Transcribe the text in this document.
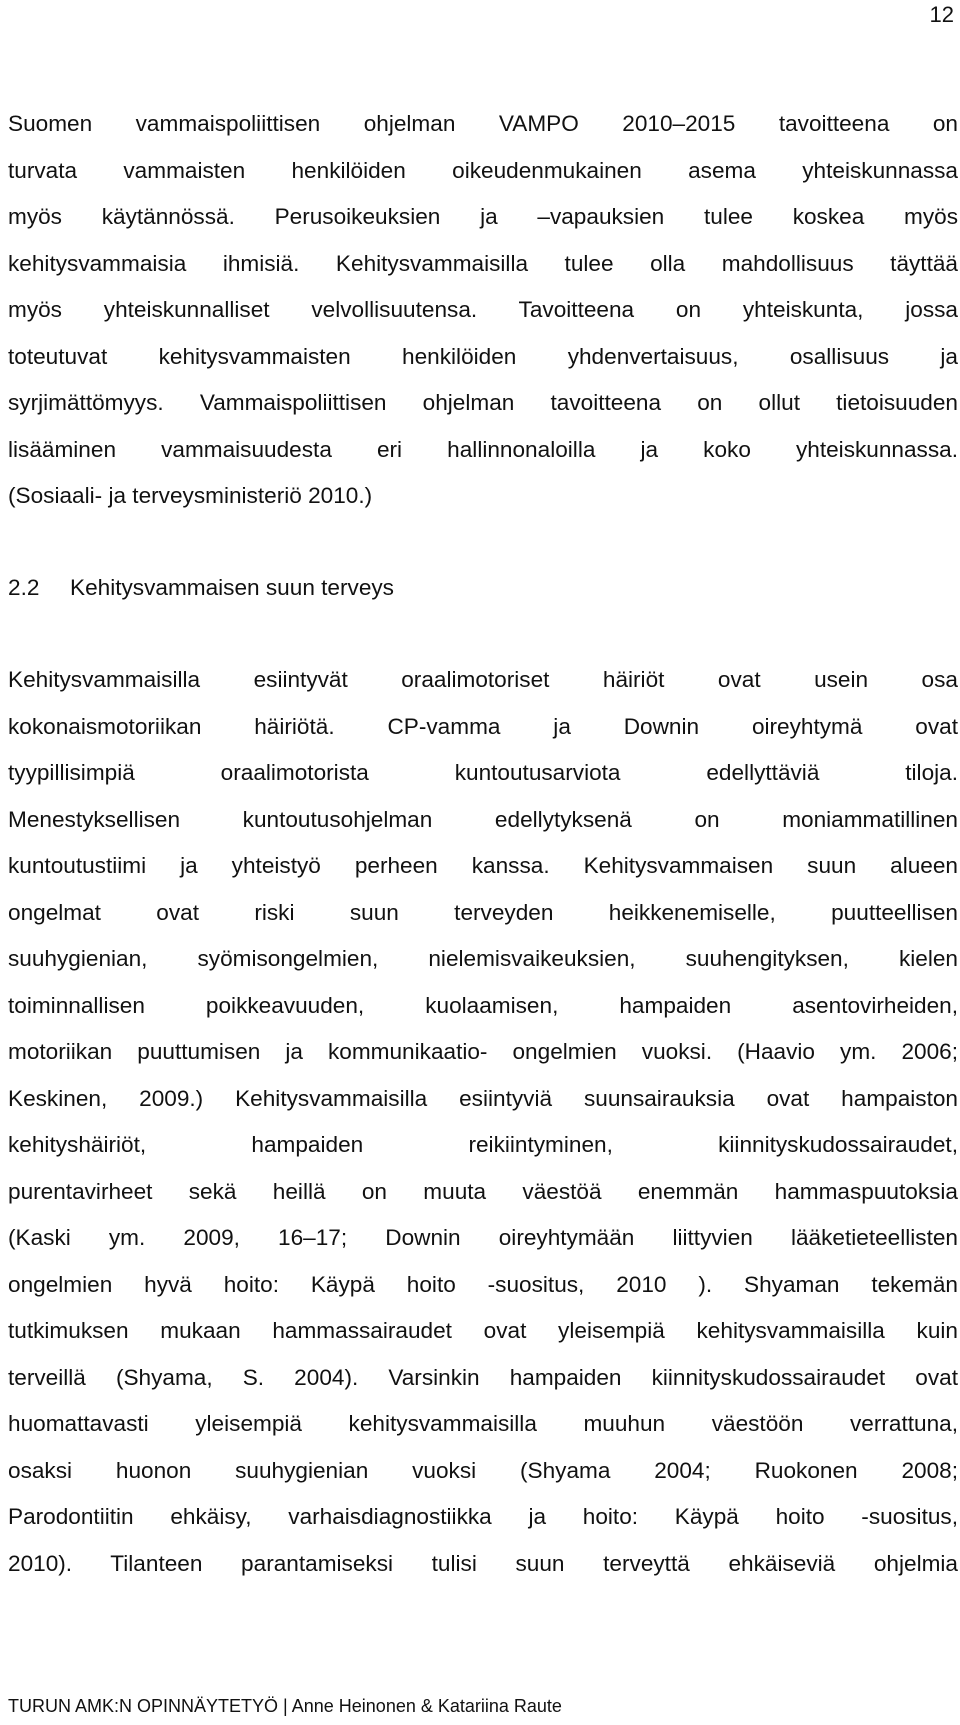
12
Suomen vammaispoliittisen ohjelman VAMPO 2010–2015 tavoitteena on
turvata vammaisten henkilöiden oikeudenmukainen asema yhteiskunnassa
myös käytännössä. Perusoikeuksien ja –vapauksien tulee koskea myös
kehitysvammaisia ihmisiä. Kehitysvammaisilla tulee olla mahdollisuus täyttää
myös yhteiskunnalliset velvollisuutensa. Tavoitteena on yhteiskunta, jossa
toteutuvat kehitysvammaisten henkilöiden yhdenvertaisuus, osallisuus ja
syrjimättömyys. Vammaispoliittisen ohjelman tavoitteena on ollut tietoisuuden
lisääminen vammaisuudesta eri hallinnonaloilla ja koko yhteiskunnassa.
(Sosiaali- ja terveysministeriö 2010.)
2.2 Kehitysvammaisen suun terveys
Kehitysvammaisilla esiintyvät oraalimotoriset häiriöt ovat usein osa
kokonaismotoriikan häiriötä. CP-vamma ja Downin oireyhtymä ovat
tyypillisimpiä oraalimotorista kuntoutusarviota edellyttäviä tiloja.
Menestyksellisen kuntoutusohjelman edellytyksenä on moniammatillinen
kuntoutustiimi ja yhteistyö perheen kanssa. Kehitysvammaisen suun alueen
ongelmat ovat riski suun terveyden heikkenemiselle, puutteellisen
suuhygienian, syömisongelmien, nielemisvaikeuksien, suuhengityksen, kielen
toiminnallisen poikkeavuuden, kuolaamisen, hampaiden asentovirheiden,
motoriikan puuttumisen ja kommunikaatio- ongelmien vuoksi. (Haavio ym. 2006;
Keskinen, 2009.) Kehitysvammaisilla esiintyviä suunsairauksia ovat hampaiston
kehityshäiriöt, hampaiden reikiintyminen, kiinnityskudossairaudet,
purentavirheet sekä heillä on muuta väestöä enemmän hammaspuutoksia
(Kaski ym. 2009, 16–17; Downin oireyhtymään liittyvien lääketieteellisten
ongelmien hyvä hoito: Käypä hoito -suositus, 2010 ). Shyaman tekemän
tutkimuksen mukaan hammassairaudet ovat yleisempiä kehitysvammaisilla kuin
terveillä (Shyama, S. 2004). Varsinkin hampaiden kiinnityskudossairaudet ovat
huomattavasti yleisempiä kehitysvammaisilla muuhun väestöön verrattuna,
osaksi huonon suuhygienian vuoksi (Shyama 2004; Ruokonen 2008;
Parodontiitin ehkäisy, varhaisdiagnostiikka ja hoito: Käypä hoito -suositus,
2010). Tilanteen parantamiseksi tulisi suun terveyttä ehkäiseviä ohjelmia
TURUN AMK:N OPINNÄYTETYÖ | Anne Heinonen & Katariina Raute
